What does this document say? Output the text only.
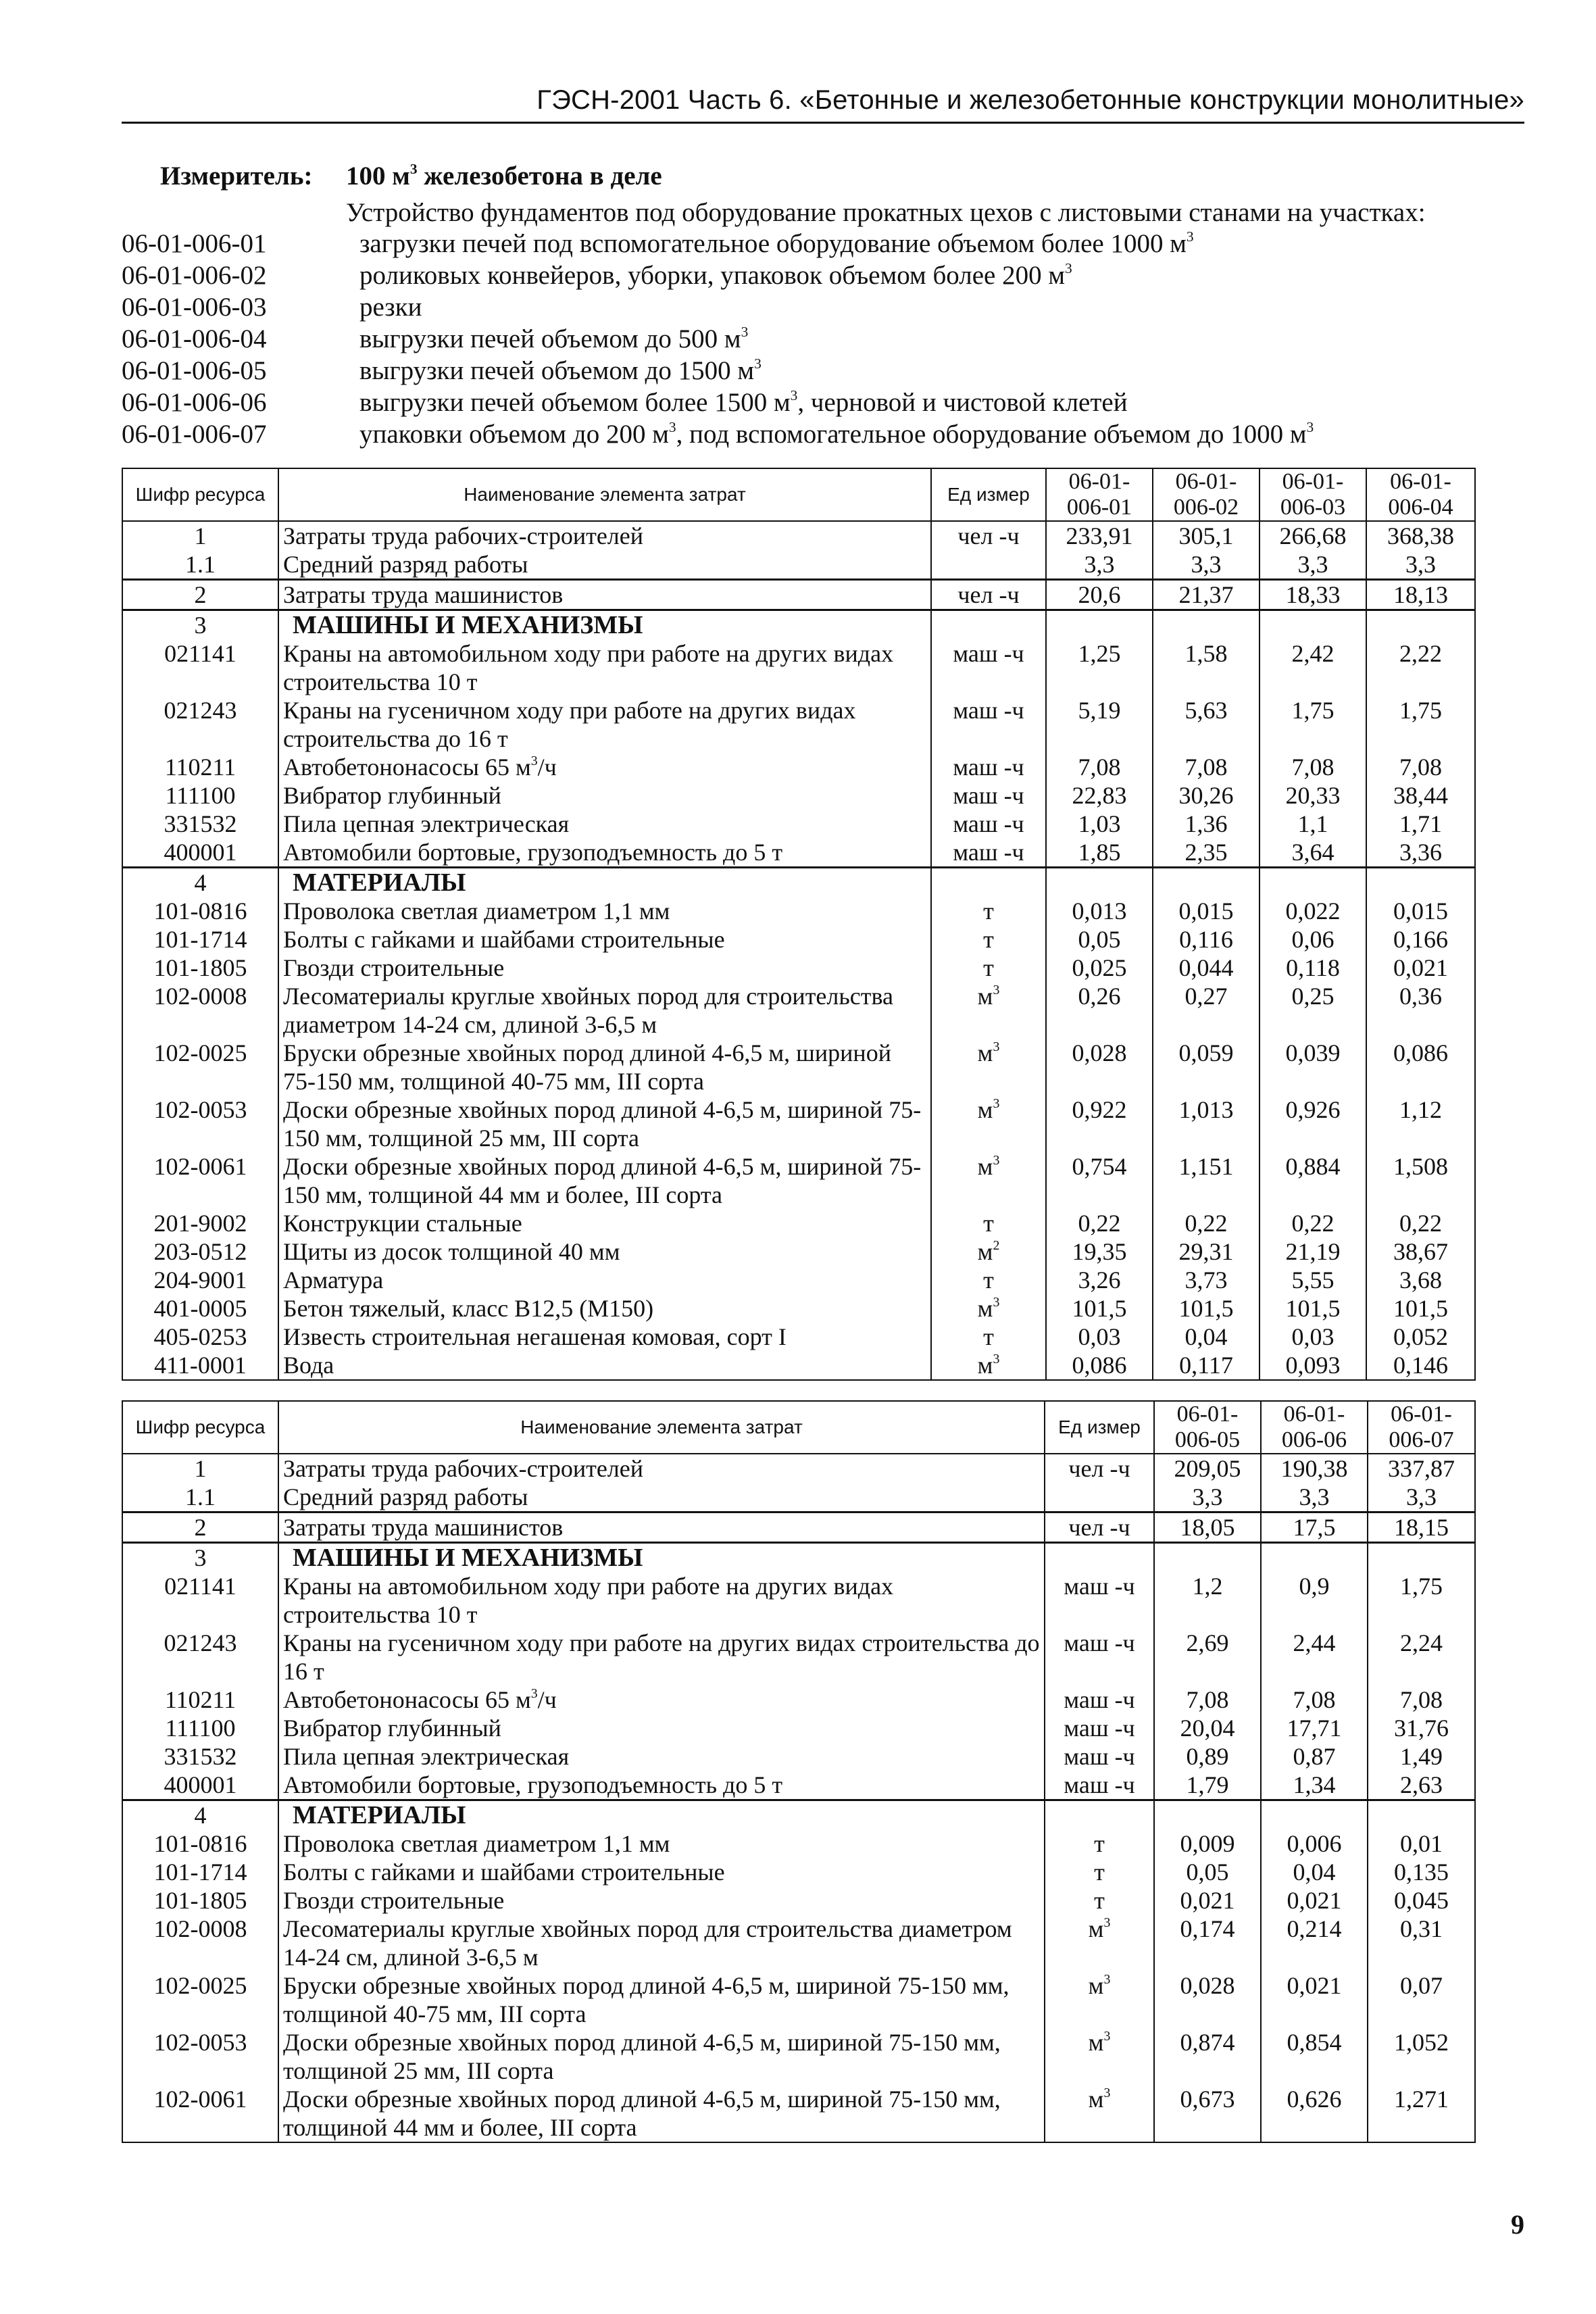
ГЭСН-2001 Часть 6. «Бетонные и железобетонные конструкции монолитные»
Измеритель: 100 $м^3$ железобетона в деле
Устройство фундаментов под оборудование прокатных цехов с листовыми станами на участках:
06-01-006-01	загрузки печей под вспомогательное оборудование объемом более 1000 $м^3$
06-01-006-02	роликовых конвейеров, уборки, упаковок объемом более 200 $м^3$
06-01-006-03	резки
06-01-006-04	выгрузки печей объемом до 500 $м^3$
06-01-006-05	выгрузки печей объемом до 1500 $м^3$
06-01-006-06	выгрузки печей объемом более 1500 $м^3$, черновой и чистовой клетей
06-01-006-07	упаковки объемом до 200 $м^3$, под вспомогательное оборудование объемом до 1000 $м^3$
Шифр ресурса	Наименование элемента затрат	Ед измер	06-01-006-01	06-01-006-02	06-01-006-03	06-01-006-04
1	Затраты труда рабочих-строителей	чел -ч	233,91	305,1	266,68	368,38
1.1	Средний разряд работы		3,3	3,3	3,3	3,3
2	Затраты труда машинистов	чел -ч	20,6	21,37	18,33	18,13
3	МАШИНЫ И МЕХАНИЗМЫ					
021141	Краны на автомобильном ходу при работе на других видах строительства 10 т	маш -ч	1,25	1,58	2,42	2,22
021243	Краны на гусеничном ходу при работе на других видах строительства до 16 т	маш -ч	5,19	5,63	1,75	1,75
110211	Автобетононасосы 65 $м^3/ч$	маш -ч	7,08	7,08	7,08	7,08
111100	Вибратор глубинный	маш -ч	22,83	30,26	20,33	38,44
331532	Пила цепная электрическая	маш -ч	1,03	1,36	1,1	1,71
400001	Автомобили бортовые, грузоподъемность до 5 т	маш -ч	1,85	2,35	3,64	3,36
4	МАТЕРИАЛЫ					
101-0816	Проволока светлая диаметром 1,1 мм	т	0,013	0,015	0,022	0,015
101-1714	Болты с гайками и шайбами строительные	т	0,05	0,116	0,06	0,166
101-1805	Гвозди строительные	т	0,025	0,044	0,118	0,021
102-0008	Лесоматериалы круглые хвойных пород для строительства диаметром 14-24 см, длиной 3-6,5 м	$м^3$	0,26	0,27	0,25	0,36
102-0025	Бруски обрезные хвойных пород длиной 4-6,5 м, шириной 75-150 мм, толщиной 40-75 мм, III сорта	$м^3$	0,028	0,059	0,039	0,086
102-0053	Доски обрезные хвойных пород длиной 4-6,5 м, шириной 75-150 мм, толщиной 25 мм, III сорта	$м^3$	0,922	1,013	0,926	1,12
102-0061	Доски обрезные хвойных пород длиной 4-6,5 м, шириной 75-150 мм, толщиной 44 мм и более, III сорта	$м^3$	0,754	1,151	0,884	1,508
201-9002	Конструкции стальные	т	0,22	0,22	0,22	0,22
203-0512	Щиты из досок толщиной 40 мм	$м^2$	19,35	29,31	21,19	38,67
204-9001	Арматура	т	3,26	3,73	5,55	3,68
401-0005	Бетон тяжелый, класс В12,5 (М150)	$м^3$	101,5	101,5	101,5	101,5
405-0253	Известь строительная негашеная комовая, сорт I	т	0,03	0,04	0,03	0,052
411-0001	Вода	$м^3$	0,086	0,117	0,093	0,146
Шифр ресурса	Наименование элемента затрат	Ед измер	06-01-006-05	06-01-006-06	06-01-006-07
1	Затраты труда рабочих-строителей	чел -ч	209,05	190,38	337,87
1.1	Средний разряд работы		3,3	3,3	3,3
2	Затраты труда машинистов	чел -ч	18,05	17,5	18,15
3	МАШИНЫ И МЕХАНИЗМЫ				
021141	Краны на автомобильном ходу при работе на других видах строительства 10 т	маш -ч	1,2	0,9	1,75
021243	Краны на гусеничном ходу при работе на других видах строительства до 16 т	маш -ч	2,69	2,44	2,24
110211	Автобетононасосы 65 $м^3/ч$	маш -ч	7,08	7,08	7,08
111100	Вибратор глубинный	маш -ч	20,04	17,71	31,76
331532	Пила цепная электрическая	маш -ч	0,89	0,87	1,49
400001	Автомобили бортовые, грузоподъемность до 5 т	маш -ч	1,79	1,34	2,63
4	МАТЕРИАЛЫ				
101-0816	Проволока светлая диаметром 1,1 мм	т	0,009	0,006	0,01
101-1714	Болты с гайками и шайбами строительные	т	0,05	0,04	0,135
101-1805	Гвозди строительные	т	0,021	0,021	0,045
102-0008	Лесоматериалы круглые хвойных пород для строительства диаметром 14-24 см, длиной 3-6,5 м	$м^3$	0,174	0,214	0,31
102-0025	Бруски обрезные хвойных пород длиной 4-6,5 м, шириной 75-150 мм, толщиной 40-75 мм, III сорта	$м^3$	0,028	0,021	0,07
102-0053	Доски обрезные хвойных пород длиной 4-6,5 м, шириной 75-150 мм, толщиной 25 мм, III сорта	$м^3$	0,874	0,854	1,052
102-0061	Доски обрезные хвойных пород длиной 4-6,5 м, шириной 75-150 мм, толщиной 44 мм и более, III сорта	$м^3$	0,673	0,626	1,271
9
